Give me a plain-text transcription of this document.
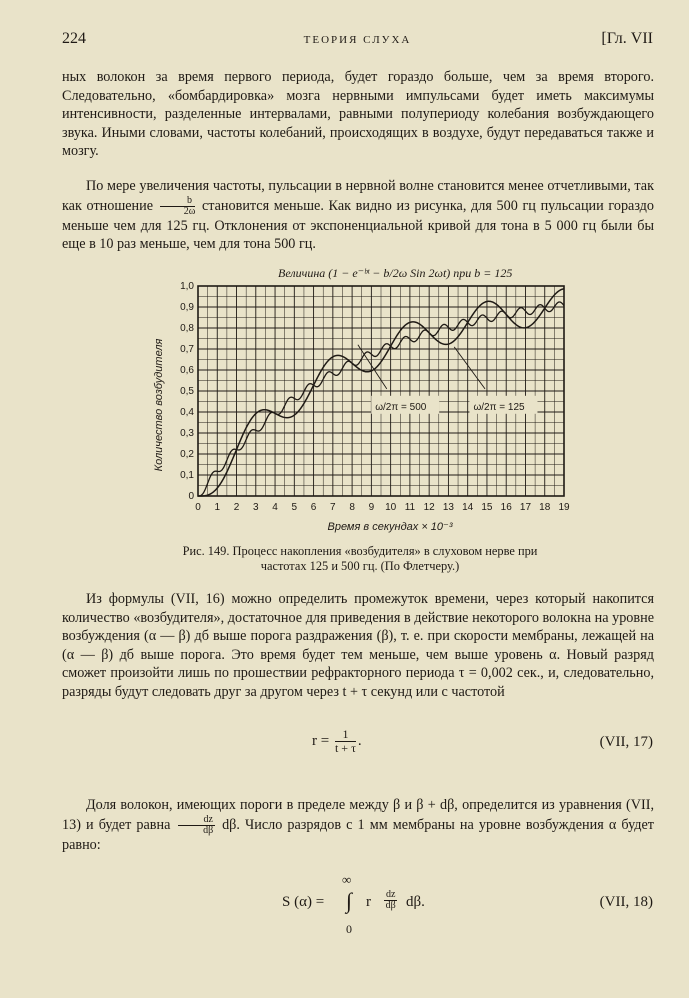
224	ТЕОРИЯ СЛУХА	[Гл. VII

ных волокон за время первого периода, будет гораздо больше, чем за время второго. Следовательно, «бомбардировка» мозга нервными импульсами будет иметь максимумы интенсивности, разделенные интервалами, равными полупериоду колебания возбуждающего звука. Иными словами, частоты колебаний, происходящих в воздухе, будут передаваться также и мозгу.

По мере увеличения частоты, пульсации в нервной волне становится менее отчетливыми, так как отношение $\frac{b}{2\omega}$ становится меньше. Как видно из рисунка, для 500 гц пульсации гораздо меньше чем для 125 гц. Отклонения от экспоненциальной кривой для тона в 5 000 гц были бы еще в 10 раз меньше, чем для тона 500 гц.

Величина (1 − e⁻ᵇᵗ − b/2ω Sin 2ωt) при b = 125
0 1 2 3 4 5 6 7 8 9 10 11 12 13 14 15 16 17 18 19
0
0,1
0,2
0,3
0,4
0,5
0,6
0,7
0,8
0,9
1,0
ω/2π = 500	ω/2π = 125
Количество возбудителя
Время в секундах × 10⁻³
Рис. 149. Процесс накопления «возбудителя» в слуховом нерве при частотах 125 и 500 гц. (По Флетчеру.)

Из формулы (VII, 16) можно определить промежуток времени, через который накопится количество «возбудителя», достаточное для приведения в действие некоторого волокна на уровне возбуждения (α — β) дб выше порога раздражения (β), т. е. при скорости мембраны, лежащей на (α — β) дб выше порога. Это время будет тем меньше, чем выше уровень α. Новый разряд сможет произойти лишь по прошествии рефракторного периода τ = 0,002 сек., и, следовательно, разряды будут следовать друг за другом через t + τ секунд или с частотой

$r = \frac{1}{t + \tau}$ .	(VII, 17)

Доля волокон, имеющих пороги в пределе между β и β + dβ, определится из уравнения (VII, 13) и будет равна $\frac{dz}{d\beta} d\beta$. Число разрядов с 1 мм мембраны на уровне возбуждения α будет равно:

S (α) =
∞
∫
0
r $\frac{dz}{d\beta} d\beta$.	(VII, 18)
